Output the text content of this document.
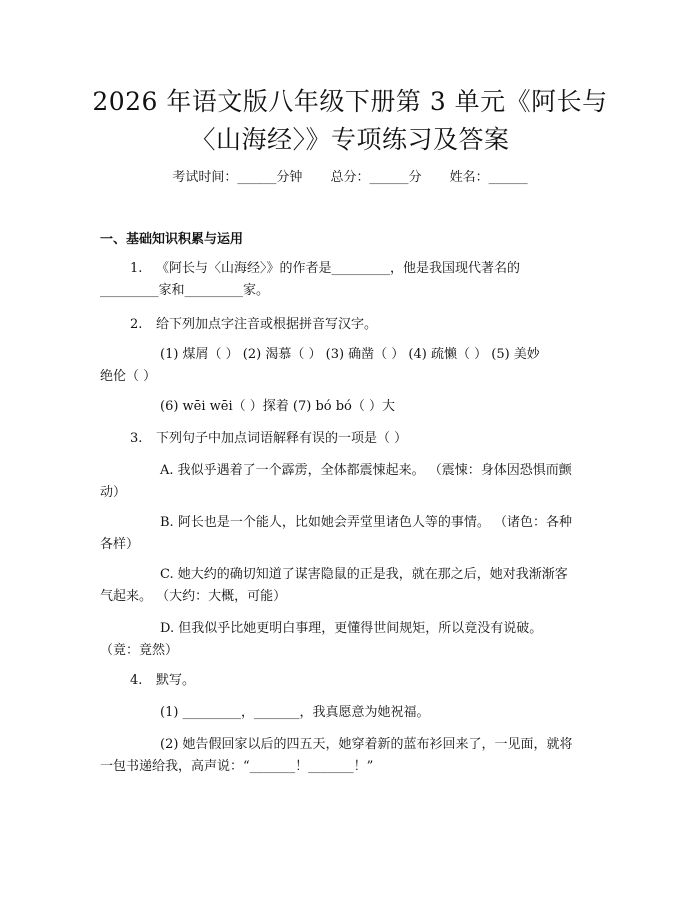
2026 年语文版八年级下册第 3 单元《阿长与
〈山海经〉》专项练习及答案
考试时间：______分钟 总分：______分 姓名：______
一、基础知识积累与运用
1. 《阿长与〈山海经〉》的作者是_________，他是我国现代著名的
_________家和_________家。
2. 给下列加点字注音或根据拼音写汉字。
(1) 煤屑（ ） (2) 渴慕（ ） (3) 确凿（ ） (4) 疏懒（ ） (5) 美妙
绝伦（ ）
(6) wēi wēi（ ）探着 (7) bó bó（ ）大
3. 下列句子中加点词语解释有误的一项是（ ）
A. 我似乎遇着了一个霹雳，全体都震悚起来。 （震悚：身体因恐惧而颤
动）
B. 阿长也是一个能人，比如她会弄堂里诸色人等的事情。 （诸色：各种
各样）
C. 她大约的确切知道了谋害隐鼠的正是我，就在那之后，她对我渐渐客
气起来。 （大约：大概，可能）
D. 但我似乎比她更明白事理，更懂得世间规矩，所以竟没有说破。
（竟：竟然）
4. 默写。
(1) _________，_______，我真愿意为她祝福。
(2) 她告假回家以后的四五天，她穿着新的蓝布衫回来了，一见面，就将
一包书递给我，高声说：“_______！_______！”
